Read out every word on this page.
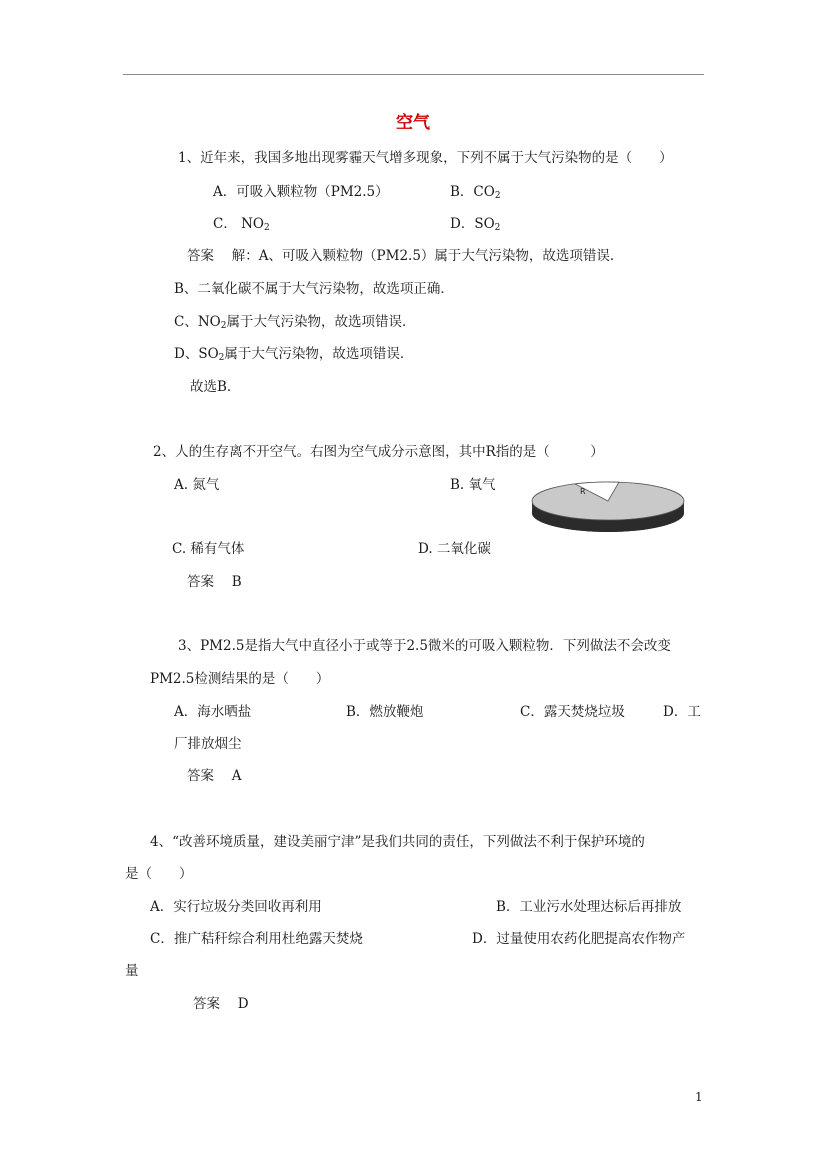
空气
1、近年来，我国多地出现雾霾天气增多现象，下列不属于大气污染物的是（　　）
A．可吸入颗粒物（PM2.5）	B．$CO_2$
C． $NO_2$	D．$SO_2$
答案　 解：A、可吸入颗粒物（PM2.5）属于大气污染物，故选项错误．
B、二氧化碳不属于大气污染物，故选项正确．
C、$NO_2$属于大气污染物，故选项错误．
D、$SO_2$属于大气污染物，故选项错误．
故选B．
2、人的生存离不开空气。右图为空气成分示意图，其中R指的是（　　　）
A. 氮气	B. 氧气	R
C. 稀有气体	D. 二氧化碳
答案　 B
3、PM2.5是指大气中直径小于或等于2.5微米的可吸入颗粒物．下列做法不会改变
PM2.5检测结果的是（　　）
A．海水晒盐	B．燃放鞭炮	C．露天焚烧垃圾	D．工
厂排放烟尘
答案　 A
4、“改善环境质量，建设美丽宁津”是我们共同的责任，下列做法不利于保护环境的
是（　　）
A．实行垃圾分类回收再利用	B．工业污水处理达标后再排放
C．推广秸秆综合利用杜绝露天焚烧	D．过量使用农药化肥提高农作物产
量
答案　 D
1
